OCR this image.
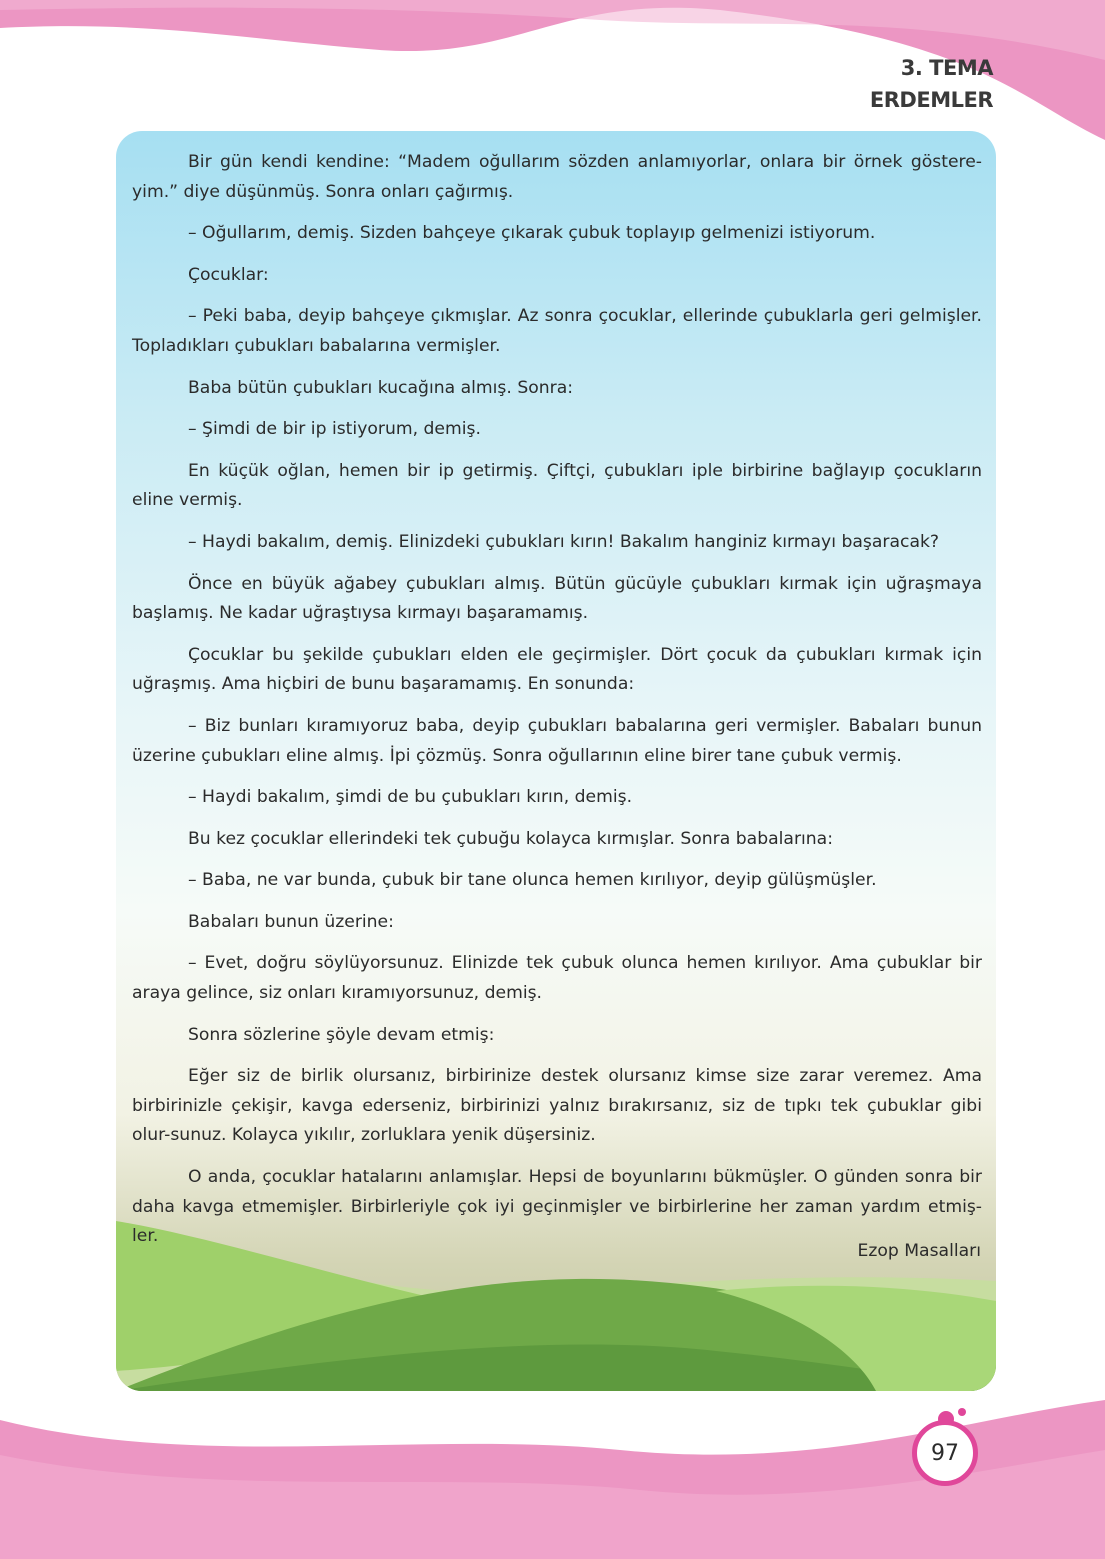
3. TEMA
ERDEMLER

Bir gün kendi kendine: “Madem oğullarım sözden anlamıyorlar, onlara bir örnek göstere-yim.” diye düşünmüş. Sonra onları çağırmış.

– Oğullarım, demiş. Sizden bahçeye çıkarak çubuk toplayıp gelmenizi istiyorum.

Çocuklar:

– Peki baba, deyip bahçeye çıkmışlar. Az sonra çocuklar, ellerinde çubuklarla geri gelmişler. Topladıkları çubukları babalarına vermişler.

Baba bütün çubukları kucağına almış. Sonra:

– Şimdi de bir ip istiyorum, demiş.

En küçük oğlan, hemen bir ip getirmiş. Çiftçi, çubukları iple birbirine bağlayıp çocukların eline vermiş.

– Haydi bakalım, demiş. Elinizdeki çubukları kırın! Bakalım hanginiz kırmayı başaracak?

Önce en büyük ağabey çubukları almış. Bütün gücüyle çubukları kırmak için uğraşmaya başlamış. Ne kadar uğraştıysa kırmayı başaramamış.

Çocuklar bu şekilde çubukları elden ele geçirmişler. Dört çocuk da çubukları kırmak için uğraşmış. Ama hiçbiri de bunu başaramamış. En sonunda:

– Biz bunları kıramıyoruz baba, deyip çubukları babalarına geri vermişler. Babaları bunun üzerine çubukları eline almış. İpi çözmüş. Sonra oğullarının eline birer tane çubuk vermiş.

– Haydi bakalım, şimdi de bu çubukları kırın, demiş.

Bu kez çocuklar ellerindeki tek çubuğu kolayca kırmışlar. Sonra babalarına:

– Baba, ne var bunda, çubuk bir tane olunca hemen kırılıyor, deyip gülüşmüşler.

Babaları bunun üzerine:

– Evet, doğru söylüyorsunuz. Elinizde tek çubuk olunca hemen kırılıyor. Ama çubuklar bir araya gelince, siz onları kıramıyorsunuz, demiş.

Sonra sözlerine şöyle devam etmiş:

Eğer siz de birlik olursanız, birbirinize destek olursanız kimse size zarar veremez. Ama birbirinizle çekişir, kavga ederseniz, birbirinizi yalnız bırakırsanız, siz de tıpkı tek çubuklar gibi olur-sunuz. Kolayca yıkılır, zorluklara yenik düşersiniz.

O anda, çocuklar hatalarını anlamışlar. Hepsi de boyunlarını bükmüşler. O günden sonra bir daha kavga etmemişler. Birbirleriyle çok iyi geçinmişler ve birbirlerine her zaman yardım etmiş-ler.

Ezop Masalları
97
